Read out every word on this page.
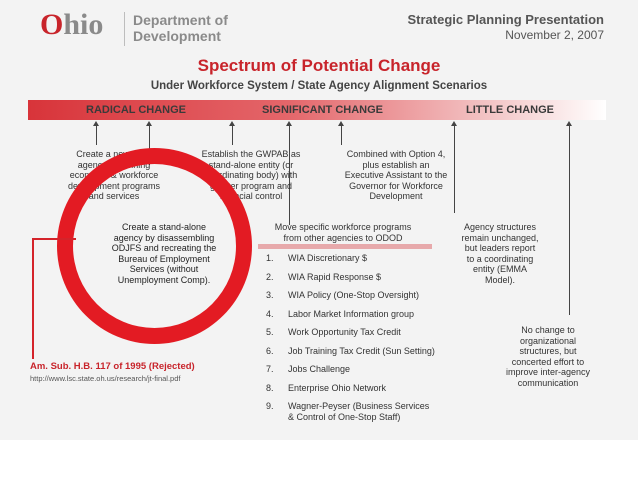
Ohio Department of
Development
Strategic Planning Presentation
November 2, 2007
Spectrum of Potential Change
Under Workforce System / State Agency Alignment Scenarios
RADICAL CHANGE	SIGNIFICANT CHANGE	LITTLE CHANGE
Create a new state
agency combining
economic & workforce
development programs
and services
Establish the GWPAB as
stand-alone entity (or
coordinating body) with
greater program and
financial control
Combined with Option 4,
plus establish an
Executive Assistant to the
Governor for Workforce
Development
Move specific workforce programs
from other agencies to ODOD
Agency structures
remain unchanged,
but leaders report
to a coordinating
entity (EMMA
Model).
No change to
organizational
structures, but
concerted effort to
improve inter-agency
communication
1. WIA Discretionary $
2. WIA Rapid Response $
3. WIA Policy (One-Stop Oversight)
4. Labor Market Information group
5. Work Opportunity Tax Credit
6. Job Training Tax Credit (Sun Setting)
7. Jobs Challenge
8. Enterprise Ohio Network
9. Wagner-Peyser (Business Services
& Control of One-Stop Staff)
Create a stand-alone
agency by disassembling
ODJFS and recreating the
Bureau of Employment
Services (without
Unemployment Comp).
Am. Sub. H.B. 117 of 1995 (Rejected)
http://www.lsc.state.oh.us/research/jt-final.pdf
